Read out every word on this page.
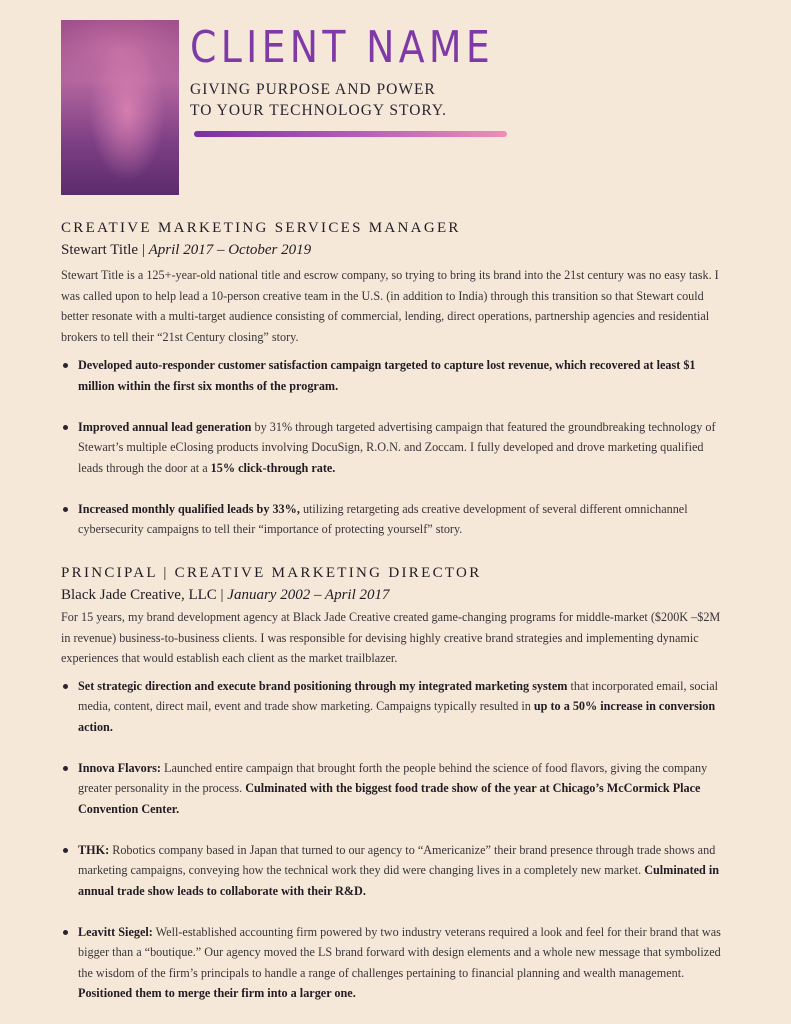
CLIENT NAME
GIVING PURPOSE AND POWER
TO YOUR TECHNOLOGY STORY.
CREATIVE MARKETING SERVICES MANAGER
Stewart Title | April 2017 – October 2019
Stewart Title is a 125+-year-old national title and escrow company, so trying to bring its brand into the 21st century was no easy task. I was called upon to help lead a 10-person creative team in the U.S. (in addition to India) through this transition so that Stewart could better resonate with a multi-target audience consisting of commercial, lending, direct operations, partnership agencies and residential brokers to tell their “21st Century closing” story.
Developed auto-responder customer satisfaction campaign targeted to capture lost revenue, which recovered at least $1 million within the first six months of the program.
Improved annual lead generation by 31% through targeted advertising campaign that featured the groundbreaking technology of Stewart’s multiple eClosing products involving DocuSign, R.O.N. and Zoccam. I fully developed and drove marketing qualified leads through the door at a 15% click-through rate.
Increased monthly qualified leads by 33%, utilizing retargeting ads creative development of several different omnichannel cybersecurity campaigns to tell their “importance of protecting yourself” story.
PRINCIPAL | CREATIVE MARKETING DIRECTOR
Black Jade Creative, LLC | January 2002 – April 2017
For 15 years, my brand development agency at Black Jade Creative created game-changing programs for middle-market ($200K –$2M in revenue) business-to-business clients. I was responsible for devising highly creative brand strategies and implementing dynamic experiences that would establish each client as the market trailblazer.
Set strategic direction and execute brand positioning through my integrated marketing system that incorporated email, social media, content, direct mail, event and trade show marketing. Campaigns typically resulted in up to a 50% increase in conversion action.
Innova Flavors: Launched entire campaign that brought forth the people behind the science of food flavors, giving the company greater personality in the process. Culminated with the biggest food trade show of the year at Chicago’s McCormick Place Convention Center.
THK: Robotics company based in Japan that turned to our agency to “Americanize” their brand presence through trade shows and marketing campaigns, conveying how the technical work they did were changing lives in a completely new market. Culminated in annual trade show leads to collaborate with their R&D.
Leavitt Siegel: Well-established accounting firm powered by two industry veterans required a look and feel for their brand that was bigger than a “boutique.” Our agency moved the LS brand forward with design elements and a whole new message that symbolized the wisdom of the firm’s principals to handle a range of challenges pertaining to financial planning and wealth management. Positioned them to merge their firm into a larger one.
